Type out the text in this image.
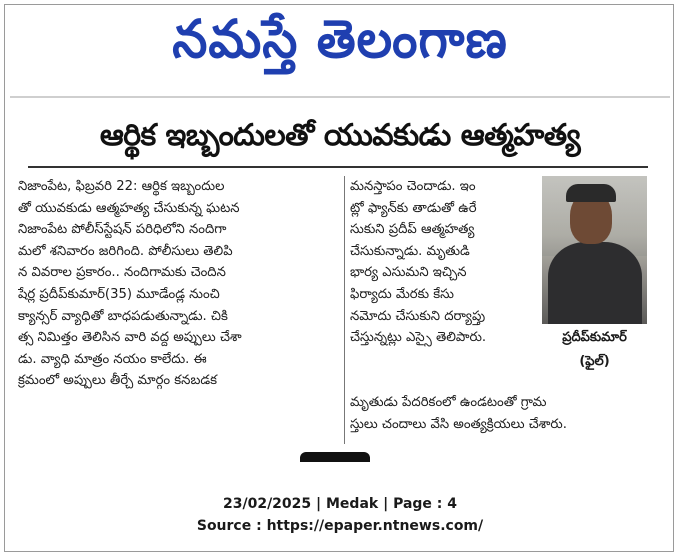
నమస్తే తెలంగాణ
ఆర్థిక ఇబ్బందులతో యువకుడు ఆత్మహత్య
నిజాంపేట, ఫిబ్రవరి 22: ఆర్థిక ఇబ్బందుల
తో యువకుడు ఆత్మహత్య చేసుకున్న ఘటన
నిజాంపేట పోలీస్‌స్టేషన్ పరిధిలోని నందిగా
మలో శనివారం జరిగింది. పోలీసులు తెలిపి
న వివరాల ప్రకారం.. నందిగామకు చెందిన
షేర్ల ప్రదీప్‌కుమార్(35) మూడేండ్ల నుంచి
క్యాన్సర్ వ్యాధితో బాధపడుతున్నాడు. చికి
త్స నిమిత్తం తెలిసిన వారి వద్ద అప్పులు చేశా
డు. వ్యాధి మాత్రం నయం కాలేదు. ఈ
క్రమంలో అప్పులు తీర్చే మార్గం కనబడక
మనస్తాపం చెందాడు. ఇం
ట్లో ఫ్యాన్‌కు తాడుతో ఉరే
సుకుని ప్రదీప్ ఆత్మహత్య
చేసుకున్నాడు. మృతుడి
భార్య ఎసుమని ఇచ్చిన
ఫిర్యాదు మేరకు కేసు
నమోదు చేసుకుని దర్యాప్తు
చేస్తున్నట్లు ఎస్సై తెలిపారు.
మృతుడు పేదరికంలో ఉండటంతో గ్రామ
స్తులు చందాలు వేసి అంత్యక్రియలు చేశారు.
ప్రదీప్‌కుమార్
(ఫైల్)
23/02/2025 | Medak | Page : 4
Source : https://epaper.ntnews.com/
